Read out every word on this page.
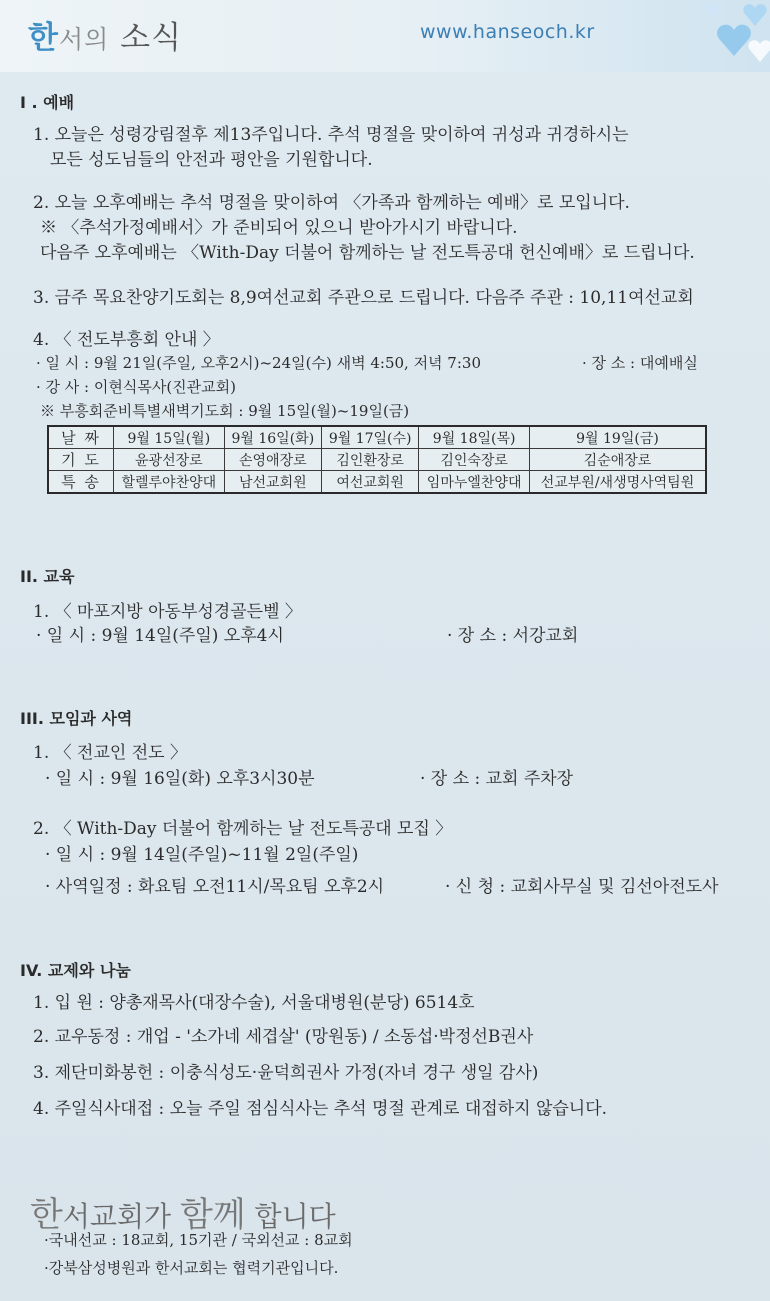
한서의 소식	www.hanseoch.kr
I . 예배
1. 오늘은 성령강림절후 제13주입니다. 추석 명절을 맞이하여 귀성과 귀경하시는
모든 성도님들의 안전과 평안을 기원합니다.
2. 오늘 오후예배는 추석 명절을 맞이하여 〈가족과 함께하는 예배〉로 모입니다.
※ 〈추석가정예배서〉가 준비되어 있으니 받아가시기 바랍니다.
다음주 오후예배는 〈With-Day 더불어 함께하는 날 전도특공대 헌신예배〉로 드립니다.
3. 금주 목요찬양기도회는 8,9여선교회 주관으로 드립니다. 다음주 주관 : 10,11여선교회
4. 〈 전도부흥회 안내 〉
· 일 시 : 9월 21일(주일, 오후2시)~24일(수) 새벽 4:50, 저녁 7:30	· 장 소 : 대예배실
· 강 사 : 이현식목사(진관교회)
※ 부흥회준비특별새벽기도회 : 9월 15일(월)~19일(금)
날 짜	9월 15일(월)	9월 16일(화)	9월 17일(수)	9월 18일(목)	9월 19일(금)
기 도	윤광선장로	손영애장로	김인환장로	김인숙장로	김순애장로
특 송	할렐루야찬양대	남선교회원	여선교회원	임마누엘찬양대	선교부원/새생명사역팀원
II. 교육
1. 〈 마포지방 아동부성경골든벨 〉
· 일 시 : 9월 14일(주일) 오후4시	· 장 소 : 서강교회
III. 모임과 사역
1. 〈 전교인 전도 〉
· 일 시 : 9월 16일(화) 오후3시30분	· 장 소 : 교회 주차장
2. 〈 With-Day 더불어 함께하는 날 전도특공대 모집 〉
· 일 시 : 9월 14일(주일)~11월 2일(주일)
· 사역일정 : 화요팀 오전11시/목요팀 오후2시	· 신 청 : 교회사무실 및 김선아전도사
IV. 교제와 나눔
1. 입 원 : 양총재목사(대장수술), 서울대병원(분당) 6514호
2. 교우동정 : 개업 - '소가네 세겹살' (망원동) / 소동섭·박정선B권사
3. 제단미화봉헌 : 이충식성도·윤덕희권사 가정(자녀 경구 생일 감사)
4. 주일식사대접 : 오늘 주일 점심식사는 추석 명절 관계로 대접하지 않습니다.
한서교회가 함께 합니다
·국내선교 : 18교회, 15기관 / 국외선교 : 8교회
·강북삼성병원과 한서교회는 협력기관입니다.
